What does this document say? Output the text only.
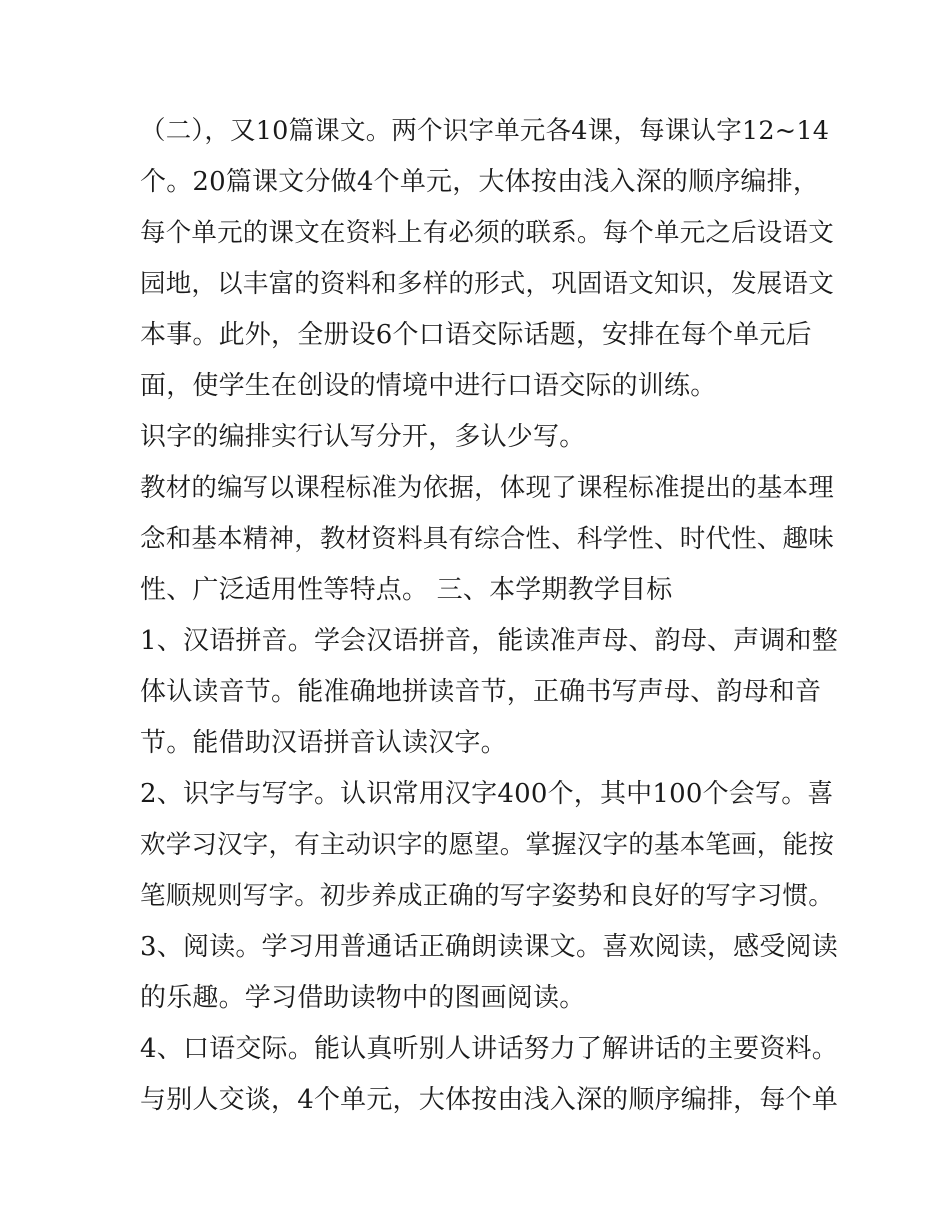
（二），又10篇课文。两个识字单元各4课，每课认字12~14
个。20篇课文分做4个单元，大体按由浅入深的顺序编排，
每个单元的课文在资料上有必须的联系。每个单元之后设语文
园地，以丰富的资料和多样的形式，巩固语文知识，发展语文
本事。此外，全册设6个口语交际话题，安排在每个单元后
面，使学生在创设的情境中进行口语交际的训练。
识字的编排实行认写分开，多认少写。
教材的编写以课程标准为依据，体现了课程标准提出的基本理
念和基本精神，教材资料具有综合性、科学性、时代性、趣味
性、广泛适用性等特点。 三、本学期教学目标
1、汉语拼音。学会汉语拼音，能读准声母、韵母、声调和整
体认读音节。能准确地拼读音节，正确书写声母、韵母和音
节。能借助汉语拼音认读汉字。
2、识字与写字。认识常用汉字400个，其中100个会写。喜
欢学习汉字，有主动识字的愿望。掌握汉字的基本笔画，能按
笔顺规则写字。初步养成正确的写字姿势和良好的写字习惯。
3、阅读。学习用普通话正确朗读课文。喜欢阅读，感受阅读
的乐趣。学习借助读物中的图画阅读。
4、口语交际。能认真听别人讲话努力了解讲话的主要资料。
与别人交谈，4个单元，大体按由浅入深的顺序编排，每个单
